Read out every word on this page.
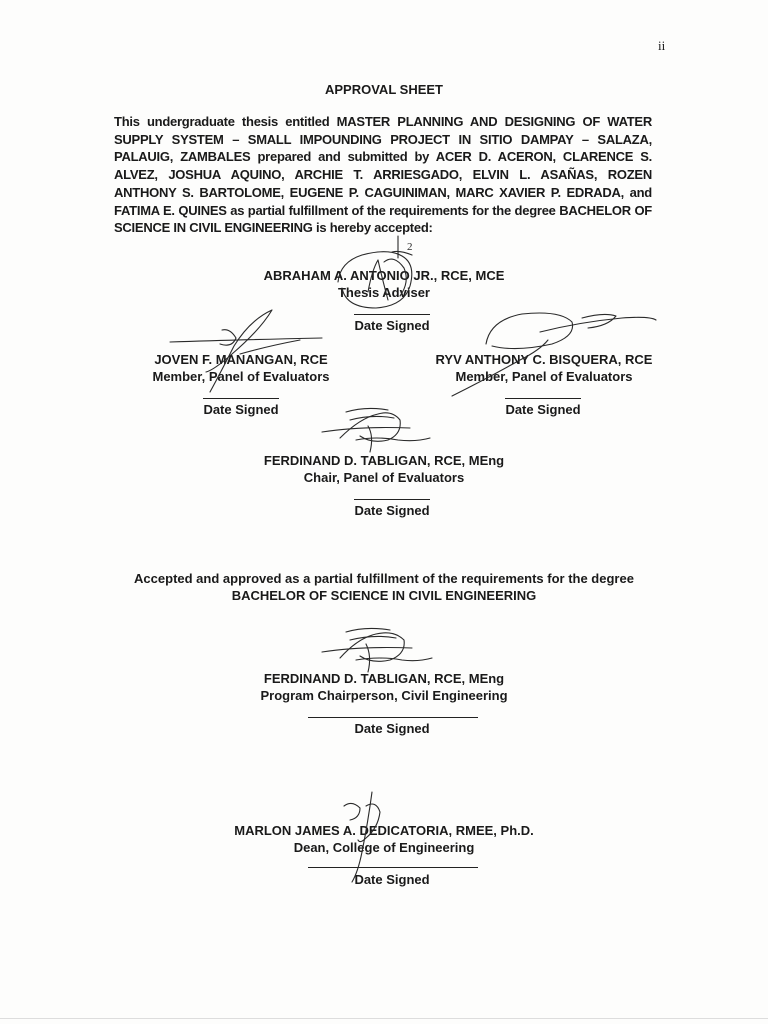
ii
APPROVAL SHEET
This undergraduate thesis entitled MASTER PLANNING AND DESIGNING OF WATER SUPPLY SYSTEM – SMALL IMPOUNDING PROJECT IN SITIO DAMPAY – SALAZA, PALAUIG, ZAMBALES prepared and submitted by ACER D. ACERON, CLARENCE S. ALVEZ, JOSHUA AQUINO, ARCHIE T. ARRIESGADO, ELVIN L. ASAÑAS, ROZEN ANTHONY S. BARTOLOME, EUGENE P. CAGUINIMAN, MARC XAVIER P. EDRADA, and FATIMA E. QUINES as partial fulfillment of the requirements for the degree BACHELOR OF SCIENCE IN CIVIL ENGINEERING is hereby accepted:
ABRAHAM A. ANTONIO JR., RCE, MCE
Thesis Adviser
Date Signed
JOVEN F. MANANGAN, RCE
Member, Panel of Evaluators
Date Signed
RYV ANTHONY C. BISQUERA, RCE
Member, Panel of Evaluators
Date Signed
FERDINAND D. TABLIGAN, RCE, MEng
Chair, Panel of Evaluators
Date Signed
Accepted and approved as a partial fulfillment of the requirements for the degree
BACHELOR OF SCIENCE IN CIVIL ENGINEERING
FERDINAND D. TABLIGAN, RCE, MEng
Program Chairperson, Civil Engineering
Date Signed
MARLON JAMES A. DEDICATORIA, RMEE, Ph.D.
Dean, College of Engineering
Date Signed
2
